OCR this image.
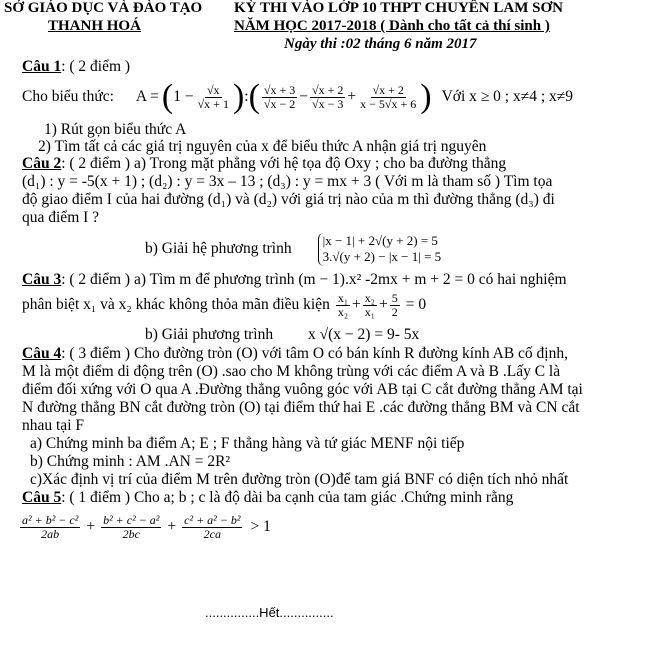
SỞ GIÁO DỤC VÀ ĐÀO TẠO
THANH HOÁ
KỲ THI VÀO LỚP 10 THPT CHUYÊN LAM SƠN
NĂM HỌC 2017-2018 ( Dành cho tất cả thí sinh )
Ngày thi :02 tháng 6 năm 2017
Câu 1: ( 2 điểm )
Cho biểu thức: A = ( $1 - \frac{√x}{√x + 1}$ ) : ( $\frac{√x + 3}{√x - 2} - \frac{√x + 2}{√x - 3} + \frac{√x + 2}{x - 5√x + 6}$ ) Với x ≥ 0 ; x≠4 ; x≠9
1) Rút gọn biểu thức A
2) Tìm tất cả các giá trị nguyên của x để biểu thức A nhận giá trị nguyên
Câu 2: ( 2 điểm ) a) Trong mặt phẳng với hệ tọa độ Oxy ; cho ba đường thẳng
(d₁) : y = -5(x + 1) ; (d₂) : y = 3x – 13 ; (d₃) : y = mx + 3 ( Với m là tham số ) Tìm tọa
độ giao điểm I của hai đường (d₁) và (d₂) với giá trị nào của m thì đường thẳng (d₃) đi
qua điểm I ?
b) Giải hệ phương trình |x − 1| + 2√(y + 2) = 5
3.√(y + 2) − |x − 1| = 5
Câu 3: ( 2 điểm ) a) Tìm m để phương trình (m − 1).x² -2mx + m + 2 = 0 có hai nghiệm
phân biệt x₁ và x₂ khác không thỏa mãn điều kiện $\frac{\text{x₁}}{\text{x₂}} + \frac{\text{x₂}}{\text{x₁}} + \frac{5}{2} = 0$
b) Giải phương trình x √(x − 2) = 9- 5x
Câu 4: ( 3 điểm ) Cho đường tròn (O) với tâm O có bán kính R đường kính AB cố định,
M là một điểm di động trên (O) .sao cho M không trùng với các điểm A và B .Lấy C là
điểm đối xứng với O qua A .Đường thẳng vuông góc với AB tại C cắt đường thẳng AM tại
N đường thẳng BN cắt đường tròn (O) tại điểm thứ hai E .các đường thẳng BM và CN cắt
nhau tại F
a) Chứng minh ba điểm A; E ; F thẳng hàng và tứ giác MENF nội tiếp
b) Chứng minh : AM .AN = 2R²
c)Xác định vị trí của điểm M trên đường tròn (O)để tam giá BNF có diện tích nhỏ nhất
Câu 5: ( 1 điểm ) Cho a; b ; c là độ dài ba cạnh của tam giác .Chứng minh rằng
$\frac{\text{a² + b² − c²}}{2ab} + \frac{\text{b² + c² − a²}}{2bc} + \frac{\text{c² + a² − b²}}{2ca} > 1$
...............Hết...............
